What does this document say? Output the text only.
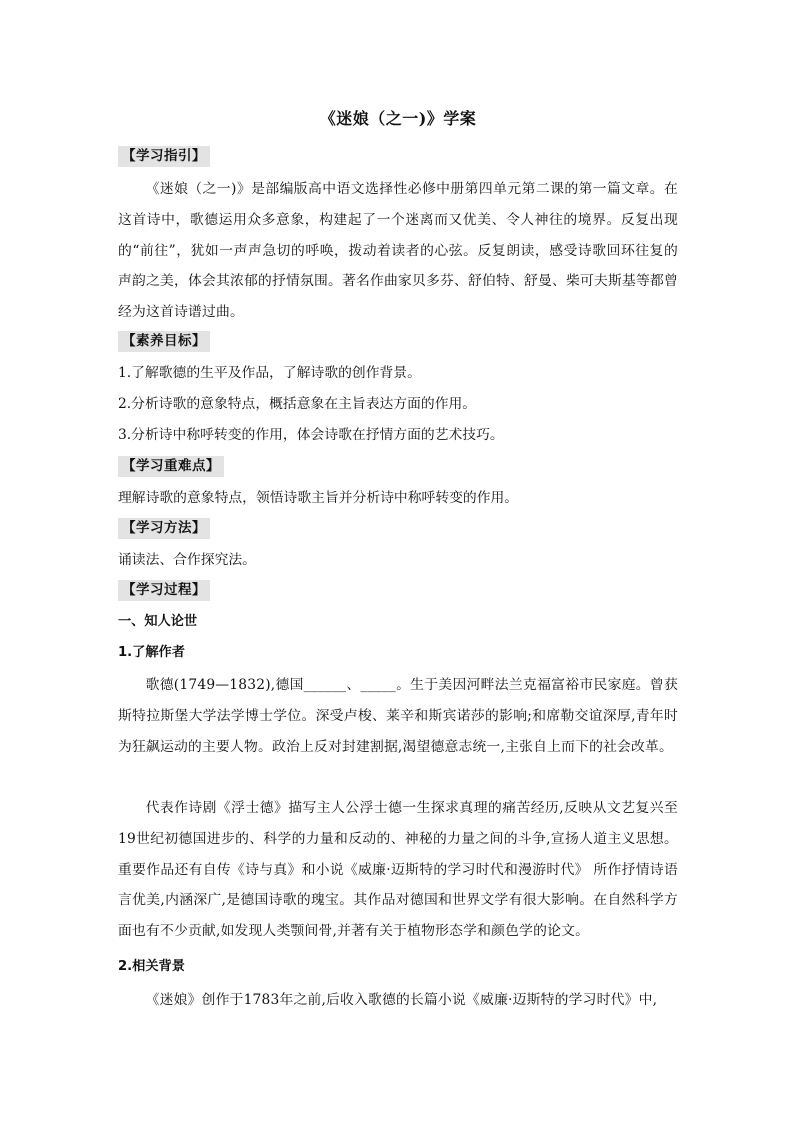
《迷娘（之一)》学案
【学习指引】
《迷娘（之一)》是部编版高中语文选择性必修中册第四单元第二课的第一篇文章。在这首诗中，歌德运用众多意象，构建起了一个迷离而又优美、令人神往的境界。反复出现的“前往”，犹如一声声急切的呼唤，拨动着读者的心弦。反复朗读，感受诗歌回环往复的声韵之美，体会其浓郁的抒情氛围。著名作曲家贝多芬、舒伯特、舒曼、柴可夫斯基等都曾经为这首诗谱过曲。
【素养目标】
1.了解歌德的生平及作品，了解诗歌的创作背景。
2.分析诗歌的意象特点，概括意象在主旨表达方面的作用。
3.分析诗中称呼转变的作用，体会诗歌在抒情方面的艺术技巧。
【学习重难点】
理解诗歌的意象特点，领悟诗歌主旨并分析诗中称呼转变的作用。
【学习方法】
诵读法、合作探究法。
【学习过程】
一、知人论世
1.了解作者
歌德(1749—1832),德国______、_____。生于美因河畔法兰克福富裕市民家庭。曾获斯特拉斯堡大学法学博士学位。深受卢梭、莱辛和斯宾诺莎的影响;和席勒交谊深厚,青年时为狂飙运动的主要人物。政治上反对封建割据,渴望德意志统一,主张自上而下的社会改革。
代表作诗剧《浮士德》描写主人公浮士德一生探求真理的痛苦经历,反映从文艺复兴至19世纪初德国进步的、科学的力量和反动的、神秘的力量之间的斗争,宣扬人道主义思想。重要作品还有自传《诗与真》和小说《威廉·迈斯特的学习时代和漫游时代》 所作抒情诗语言优美,内涵深广,是德国诗歌的瑰宝。其作品对德国和世界文学有很大影响。在自然科学方面也有不少贡献,如发现人类颚间骨,并著有关于植物形态学和颜色学的论文。
2.相关背景
《迷娘》创作于1783年之前,后收入歌德的长篇小说《威廉·迈斯特的学习时代》中,
